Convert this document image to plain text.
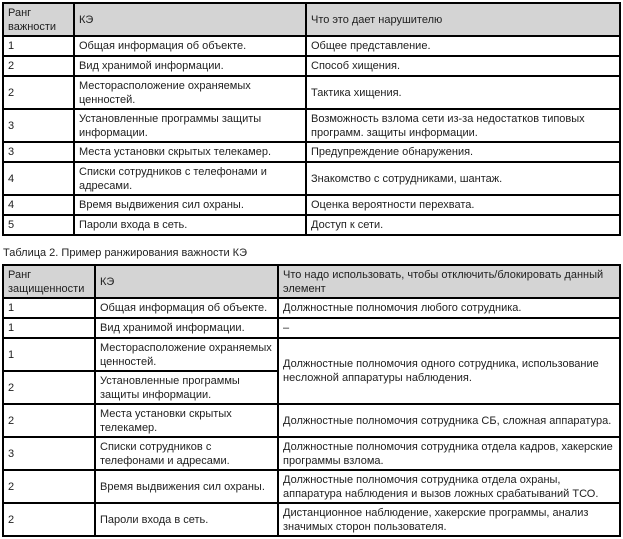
Ранг важности	КЭ	Что это дает нарушителю
1	Общая информация об объекте.	Общее представление.
2	Вид хранимой информации.	Способ хищения.
2	Месторасположение охраняемых ценностей.	Тактика хищения.
3	Установленные программы защиты информации.	Возможность взлома сети из-за недостатков типовых программ. защиты информации.
3	Места установки скрытых телекамер.	Предупреждение обнаружения.
4	Списки сотрудников с телефонами и адресами.	Знакомство с сотрудниками, шантаж.
4	Время выдвижения сил охраны.	Оценка вероятности перехвата.
5	Пароли входа в сеть.	Доступ к сети.
Таблица 2. Пример ранжирования важности КЭ
Ранг защищенности	КЭ	Что надо использовать, чтобы отключить/блокировать данный элемент
1	Общая информация об объекте.	Должностные полномочия любого сотрудника.
1	Вид хранимой информации.	–
1	Месторасположение охраняемых ценностей.	Должностные полномочия одного сотрудника, использование несложной аппаратуры наблюдения.
2	Установленные программы защиты информации.	
2	Места установки скрытых телекамер.	Должностные полномочия сотрудника СБ, сложная аппаратура.
3	Списки сотрудников с телефонами и адресами.	Должностные полномочия сотрудника отдела кадров, хакерские программы взлома.
2	Время выдвижения сил охраны.	Должностные полномочия сотрудника отдела охраны, аппаратура наблюдения и вызов ложных срабатываний ТСО.
2	Пароли входа в сеть.	Дистанционное наблюдение, хакерские программы, анализ значимых сторон пользователя.
